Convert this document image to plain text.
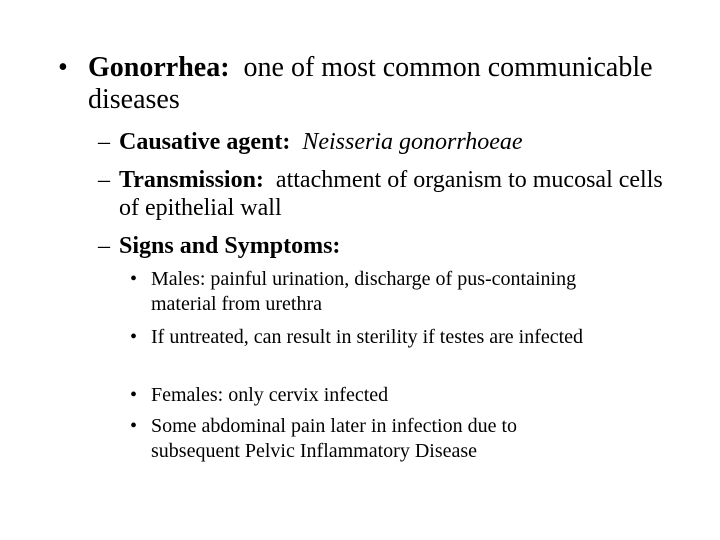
• Gonorrhea: one of most common communicable diseases
– Causative agent: Neisseria gonorrhoeae
– Transmission: attachment of organism to mucosal cells of epithelial wall
– Signs and Symptoms:
• Males: painful urination, discharge of pus-containing material from urethra
• If untreated, can result in sterility if testes are infected
• Females: only cervix infected
• Some abdominal pain later in infection due to subsequent Pelvic Inflammatory Disease
